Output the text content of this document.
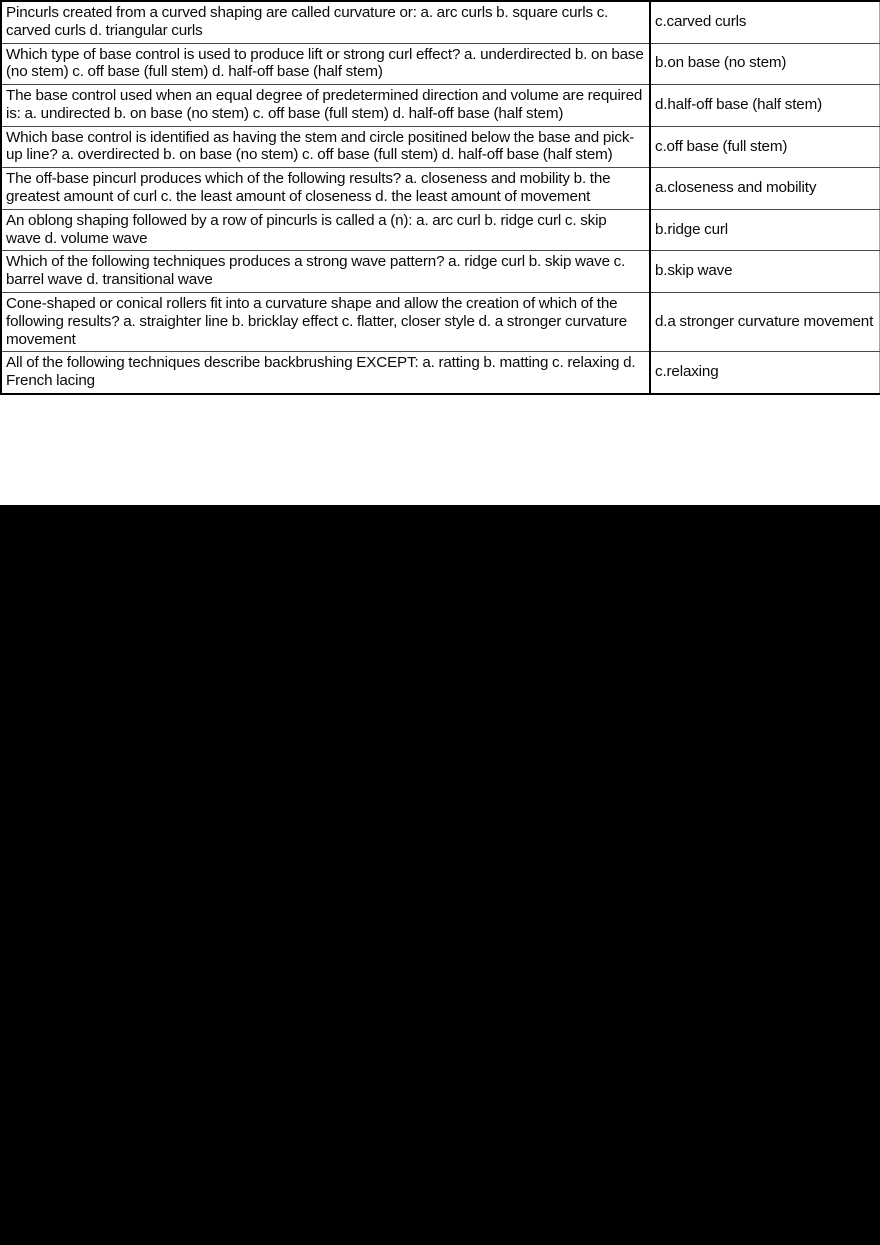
Pincurls created from a curved shaping are called curvature or: a. arc curls b. square curls c. carved curls d. triangular curls	c.carved curls
Which type of base control is used to produce lift or strong curl effect? a. underdirected b. on base (no stem) c. off base (full stem) d. half-off base (half stem)	b.on base (no stem)
The base control used when an equal degree of predetermined direction and volume are required is: a. undirected b. on base (no stem) c. off base (full stem) d. half-off base (half stem)	d.half-off base (half stem)
Which base control is identified as having the stem and circle positined below the base and pick-up line? a. overdirected b. on base (no stem) c. off base (full stem) d. half-off base (half stem)	c.off base (full stem)
The off-base pincurl produces which of the following results? a. closeness and mobility b. the greatest amount of curl c. the least amount of closeness d. the least amount of movement	a.closeness and mobility
An oblong shaping followed by a row of pincurls is called a (n): a. arc curl b. ridge curl c. skip wave d. volume wave	b.ridge curl
Which of the following techniques produces a strong wave pattern? a. ridge curl b. skip wave c. barrel wave d. transitional wave	b.skip wave
Cone-shaped or conical rollers fit into a curvature shape and allow the creation of which of the following results? a. straighter line b. bricklay effect c. flatter, closer style d. a stronger curvature movement	d.a stronger curvature movement
All of the following techniques describe backbrushing EXCEPT: a. ratting b. matting c. relaxing d. French lacing	c.relaxing
